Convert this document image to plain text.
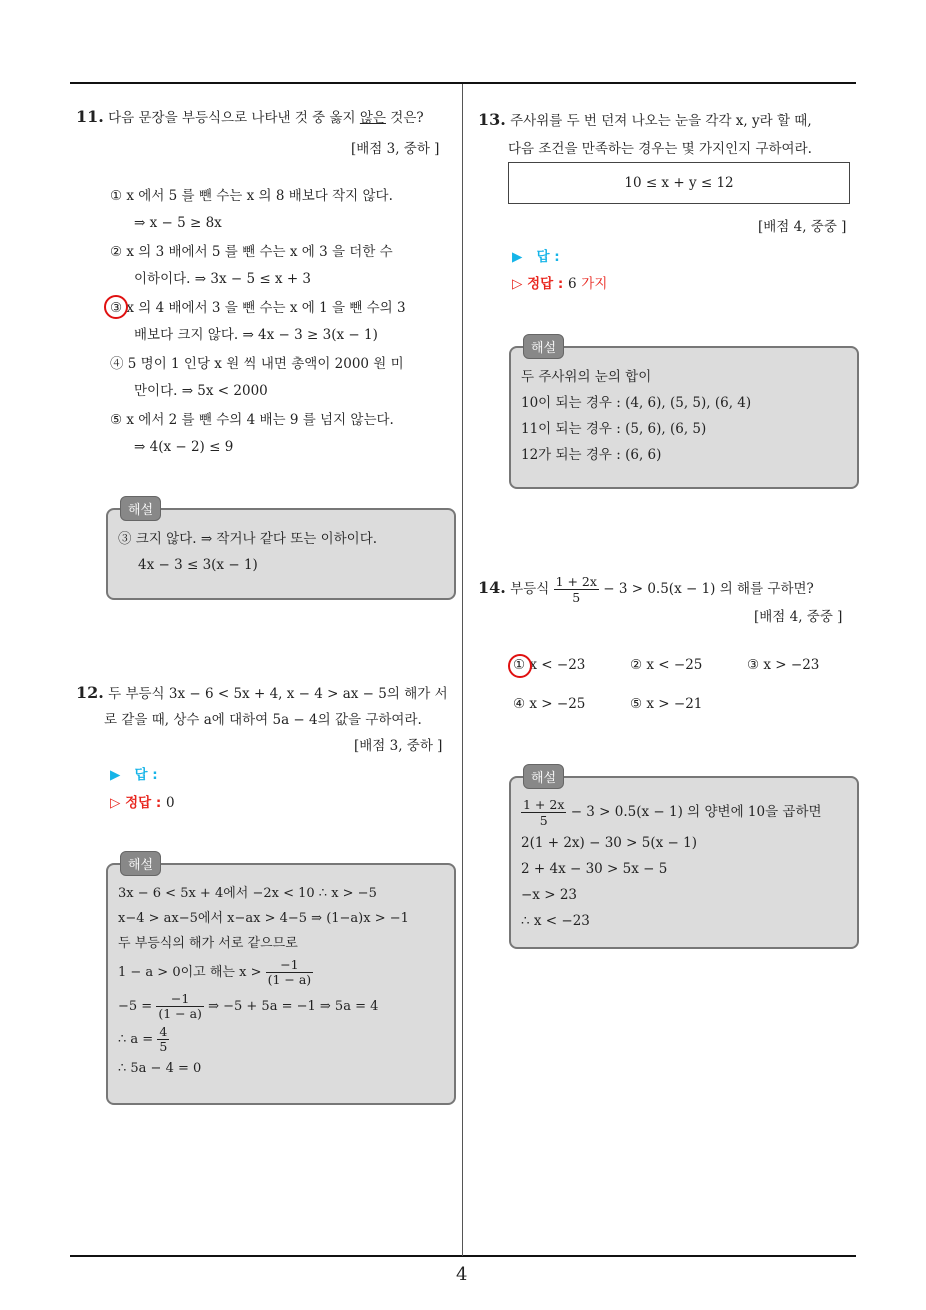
11. 다음 문장을 부등식으로 나타낸 것 중 옳지 않은 것은?
[배점 3, 중하 ]
① x 에서 5 를 뺀 수는 x 의 8 배보다 작지 않다.
⇒ x − 5 ≥ 8x
② x 의 3 배에서 5 를 뺀 수는 x 에 3 을 더한 수
이하이다. ⇒ 3x − 5 ≤ x + 3
③ x 의 4 배에서 3 을 뺀 수는 x 에 1 을 뺀 수의 3
배보다 크지 않다. ⇒ 4x − 3 ≥ 3(x − 1)
④ 5 명이 1 인당 x 원 씩 내면 총액이 2000 원 미
만이다. ⇒ 5x < 2000
⑤ x 에서 2 를 뺀 수의 4 배는 9 를 넘지 않는다.
⇒ 4(x − 2) ≤ 9
해설
③ 크지 않다. ⇒ 작거나 같다 또는 이하이다.
4x − 3 ≤ 3(x − 1)
12. 두 부등식 3x − 6 < 5x + 4, x − 4 > ax − 5의 해가 서
로 같을 때, 상수 a에 대하여 5a − 4의 값을 구하여라.
[배점 3, 중하 ]
▶ 답 :
▷ 정답 : 0
해설
3x − 6 < 5x + 4에서 −2x < 10 ∴ x > −5
x−4 > ax−5에서 x−ax > 4−5 ⇒ (1−a)x > −1
두 부등식의 해가 서로 같으므로
1 − a > 0이고 해는 $x > \frac{-1}{(1 - a)}$
$-5 = \frac{-1}{(1 - a)}$ ⇒ −5 + 5a = −1 ⇒ 5a = 4
∴ $a = \frac{4}{5}$
∴ 5a − 4 = 0
13. 주사위를 두 번 던져 나오는 눈을 각각 x, y라 할 때,
다음 조건을 만족하는 경우는 몇 가지인지 구하여라.
10 ≤ x + y ≤ 12
[배점 4, 중중 ]
▶ 답 :
▷ 정답 : 6 가지
해설
두 주사위의 눈의 합이
10이 되는 경우 : (4, 6), (5, 5), (6, 4)
11이 되는 경우 : (5, 6), (6, 5)
12가 되는 경우 : (6, 6)
14. 부등식 $\frac{1 + 2x}{5} - 3 > 0.5(x - 1)$ 의 해를 구하면?
[배점 4, 중중 ]
① x < −23	② x < −25	③ x > −23
④ x > −25	⑤ x > −21
해설
$\frac{1 + 2x}{5} - 3 > 0.5(x - 1)$ 의 양변에 10을 곱하면
2(1 + 2x) − 30 > 5(x − 1)
2 + 4x − 30 > 5x − 5
−x > 23
∴ x < −23
4
